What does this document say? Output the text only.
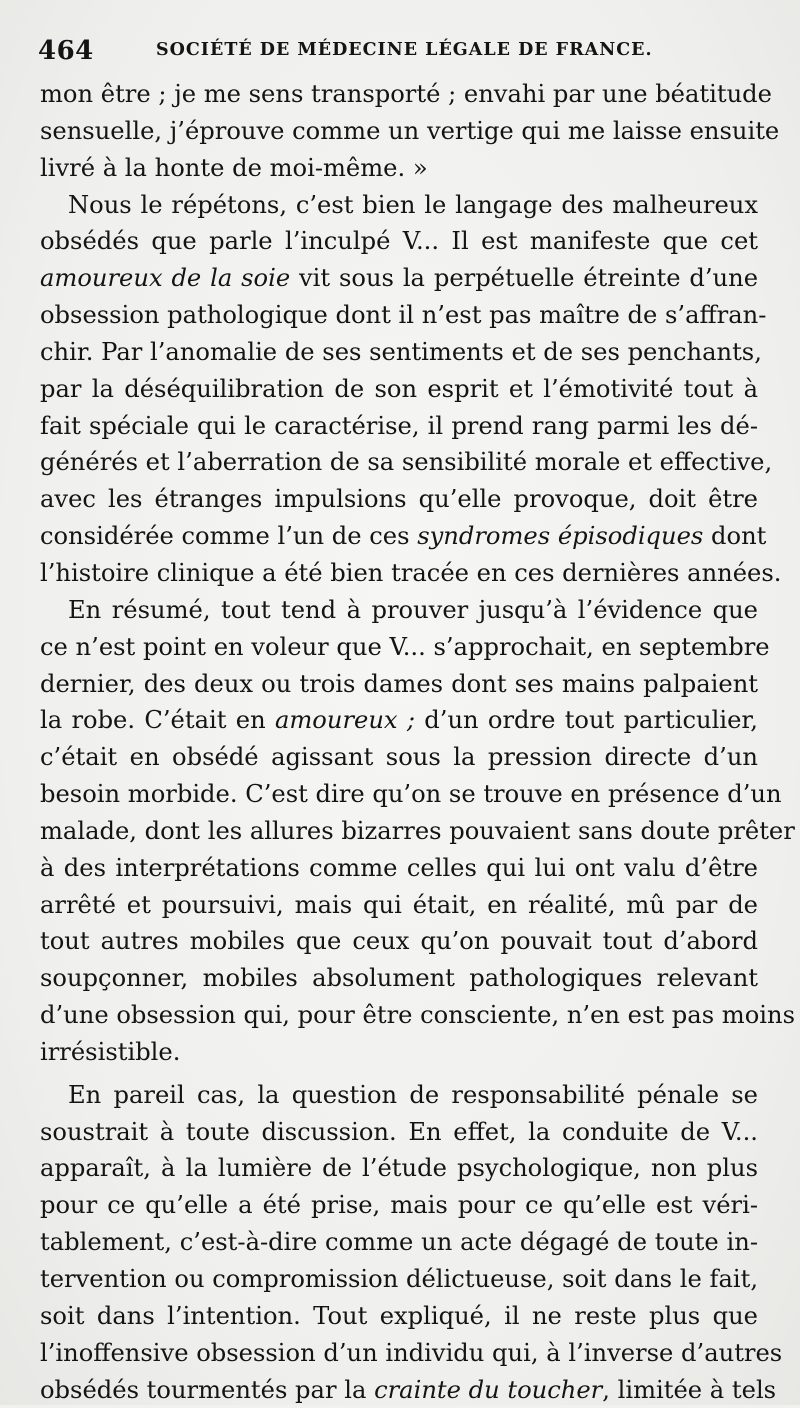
464	SOCIÉTÉ DE MÉDECINE LÉGALE DE FRANCE.
mon être ; je me sens transporté ; envahi par une béatitude
sensuelle, j’éprouve comme un vertige qui me laisse ensuite
livré à la honte de moi-même. »
Nous le répétons, c’est bien le langage des malheureux
obsédés que parle l’inculpé V... Il est manifeste que cet
amoureux de la soie vit sous la perpétuelle étreinte d’une
obsession pathologique dont il n’est pas maître de s’affran-
chir. Par l’anomalie de ses sentiments et de ses penchants,
par la déséquilibration de son esprit et l’émotivité tout à
fait spéciale qui le caractérise, il prend rang parmi les dé-
générés et l’aberration de sa sensibilité morale et effective,
avec les étranges impulsions qu’elle provoque, doit être
considérée comme l’un de ces syndromes épisodiques dont
l’histoire clinique a été bien tracée en ces dernières années.
En résumé, tout tend à prouver jusqu’à l’évidence que
ce n’est point en voleur que V... s’approchait, en septembre
dernier, des deux ou trois dames dont ses mains palpaient
la robe. C’était en amoureux ; d’un ordre tout particulier,
c’était en obsédé agissant sous la pression directe d’un
besoin morbide. C’est dire qu’on se trouve en présence d’un
malade, dont les allures bizarres pouvaient sans doute prêter
à des interprétations comme celles qui lui ont valu d’être
arrêté et poursuivi, mais qui était, en réalité, mû par de
tout autres mobiles que ceux qu’on pouvait tout d’abord
soupçonner, mobiles absolument pathologiques relevant
d’une obsession qui, pour être consciente, n’en est pas moins
irrésistible.
En pareil cas, la question de responsabilité pénale se
soustrait à toute discussion. En effet, la conduite de V...
apparaît, à la lumière de l’étude psychologique, non plus
pour ce qu’elle a été prise, mais pour ce qu’elle est véri-
tablement, c’est-à-dire comme un acte dégagé de toute in-
tervention ou compromission délictueuse, soit dans le fait,
soit dans l’intention. Tout expliqué, il ne reste plus que
l’inoffensive obsession d’un individu qui, à l’inverse d’autres
obsédés tourmentés par la crainte du toucher, limitée à tels
